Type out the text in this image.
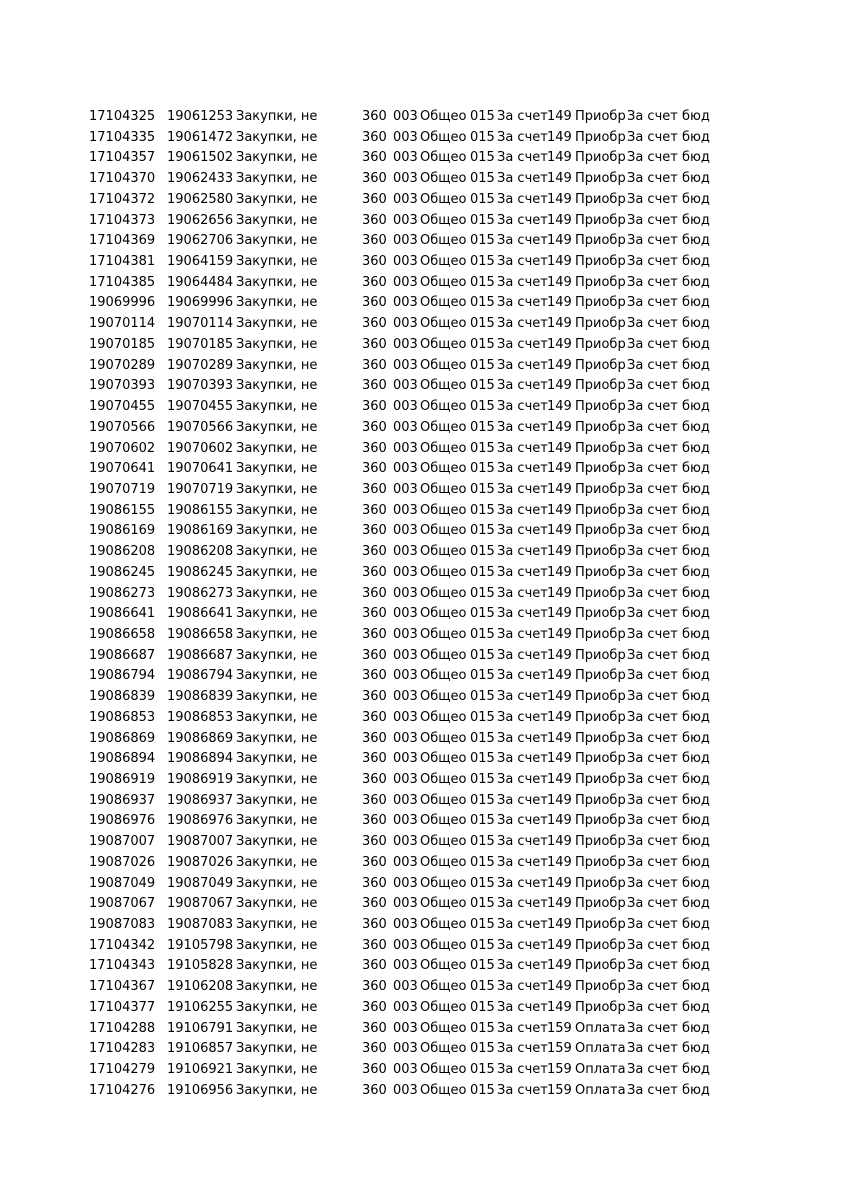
17104325 19061253 Закупки, не	360 003 Общео 015 За счет 149 Приобр За счет бюд
17104335 19061472 Закупки, не	360 003 Общео 015 За счет 149 Приобр За счет бюд
17104357 19061502 Закупки, не	360 003 Общео 015 За счет 149 Приобр За счет бюд
17104370 19062433 Закупки, не	360 003 Общео 015 За счет 149 Приобр За счет бюд
17104372 19062580 Закупки, не	360 003 Общео 015 За счет 149 Приобр За счет бюд
17104373 19062656 Закупки, не	360 003 Общео 015 За счет 149 Приобр За счет бюд
17104369 19062706 Закупки, не	360 003 Общео 015 За счет 149 Приобр За счет бюд
17104381 19064159 Закупки, не	360 003 Общео 015 За счет 149 Приобр За счет бюд
17104385 19064484 Закупки, не	360 003 Общео 015 За счет 149 Приобр За счет бюд
19069996 19069996 Закупки, не	360 003 Общео 015 За счет 149 Приобр За счет бюд
19070114 19070114 Закупки, не	360 003 Общео 015 За счет 149 Приобр За счет бюд
19070185 19070185 Закупки, не	360 003 Общео 015 За счет 149 Приобр За счет бюд
19070289 19070289 Закупки, не	360 003 Общео 015 За счет 149 Приобр За счет бюд
19070393 19070393 Закупки, не	360 003 Общео 015 За счет 149 Приобр За счет бюд
19070455 19070455 Закупки, не	360 003 Общео 015 За счет 149 Приобр За счет бюд
19070566 19070566 Закупки, не	360 003 Общео 015 За счет 149 Приобр За счет бюд
19070602 19070602 Закупки, не	360 003 Общео 015 За счет 149 Приобр За счет бюд
19070641 19070641 Закупки, не	360 003 Общео 015 За счет 149 Приобр За счет бюд
19070719 19070719 Закупки, не	360 003 Общео 015 За счет 149 Приобр За счет бюд
19086155 19086155 Закупки, не	360 003 Общео 015 За счет 149 Приобр За счет бюд
19086169 19086169 Закупки, не	360 003 Общео 015 За счет 149 Приобр За счет бюд
19086208 19086208 Закупки, не	360 003 Общео 015 За счет 149 Приобр За счет бюд
19086245 19086245 Закупки, не	360 003 Общео 015 За счет 149 Приобр За счет бюд
19086273 19086273 Закупки, не	360 003 Общео 015 За счет 149 Приобр За счет бюд
19086641 19086641 Закупки, не	360 003 Общео 015 За счет 149 Приобр За счет бюд
19086658 19086658 Закупки, не	360 003 Общео 015 За счет 149 Приобр За счет бюд
19086687 19086687 Закупки, не	360 003 Общео 015 За счет 149 Приобр За счет бюд
19086794 19086794 Закупки, не	360 003 Общео 015 За счет 149 Приобр За счет бюд
19086839 19086839 Закупки, не	360 003 Общео 015 За счет 149 Приобр За счет бюд
19086853 19086853 Закупки, не	360 003 Общео 015 За счет 149 Приобр За счет бюд
19086869 19086869 Закупки, не	360 003 Общео 015 За счет 149 Приобр За счет бюд
19086894 19086894 Закупки, не	360 003 Общео 015 За счет 149 Приобр За счет бюд
19086919 19086919 Закупки, не	360 003 Общео 015 За счет 149 Приобр За счет бюд
19086937 19086937 Закупки, не	360 003 Общео 015 За счет 149 Приобр За счет бюд
19086976 19086976 Закупки, не	360 003 Общео 015 За счет 149 Приобр За счет бюд
19087007 19087007 Закупки, не	360 003 Общео 015 За счет 149 Приобр За счет бюд
19087026 19087026 Закупки, не	360 003 Общео 015 За счет 149 Приобр За счет бюд
19087049 19087049 Закупки, не	360 003 Общео 015 За счет 149 Приобр За счет бюд
19087067 19087067 Закупки, не	360 003 Общео 015 За счет 149 Приобр За счет бюд
19087083 19087083 Закупки, не	360 003 Общео 015 За счет 149 Приобр За счет бюд
17104342 19105798 Закупки, не	360 003 Общео 015 За счет 149 Приобр За счет бюд
17104343 19105828 Закупки, не	360 003 Общео 015 За счет 149 Приобр За счет бюд
17104367 19106208 Закупки, не	360 003 Общео 015 За счет 149 Приобр За счет бюд
17104377 19106255 Закупки, не	360 003 Общео 015 За счет 149 Приобр За счет бюд
17104288 19106791 Закупки, не	360 003 Общео 015 За счет 159 Оплата За счет бюд
17104283 19106857 Закупки, не	360 003 Общео 015 За счет 159 Оплата За счет бюд
17104279 19106921 Закупки, не	360 003 Общео 015 За счет 159 Оплата За счет бюд
17104276 19106956 Закупки, не	360 003 Общео 015 За счет 159 Оплата За счет бюд
